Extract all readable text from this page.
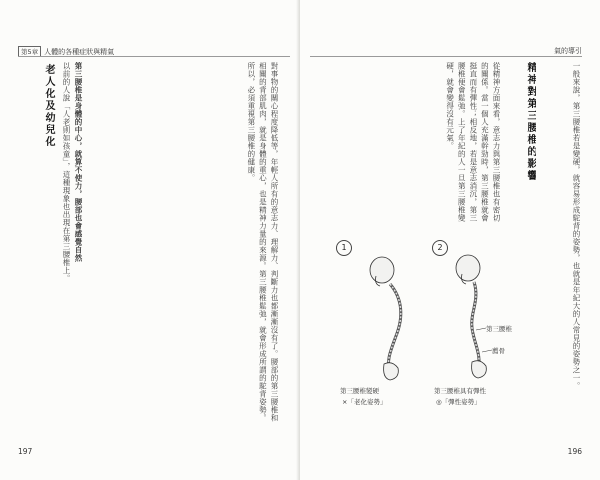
第5章 人體的各種症狀與精氣

對事物的關心程度降低等，年輕人所有的意志力、理解力、判斷力也都漸漸沒有了。腰部的第三腰椎和相關的背部肌肉，就是身體的重心，也是精神力量的來源。第三腰椎鬆弛，就會形成所謂的駝背姿勢。所以，必須重視第三腰椎的健康。

第三腰椎是身體的中心，就算不使力，腰部也會感覺自然

老人化及幼兒化 以前的人說「人老則如孩童」，這種現象也出現在第三腰椎上。

197
氣的導引

一般來說，第三腰椎若是變硬，就容易形成駝背的姿勢，也就是年紀大的人常見的姿勢之一。

精神對第三腰椎的影響

從精神方面來看，意志力與第三腰椎也有密切的關係。當一個人充滿幹勁時，第三腰椎就會挺直而有彈性；相反地，若是意志消沉，第三腰椎便會鬆弛。上了年紀的人一旦第三腰椎變硬，就會變得沒有元氣。

1	2
第三腰椎
薦骨
第三腰椎變硬
×「老化姿勢」
第三腰椎具有彈性
◎「彈性姿勢」
196
